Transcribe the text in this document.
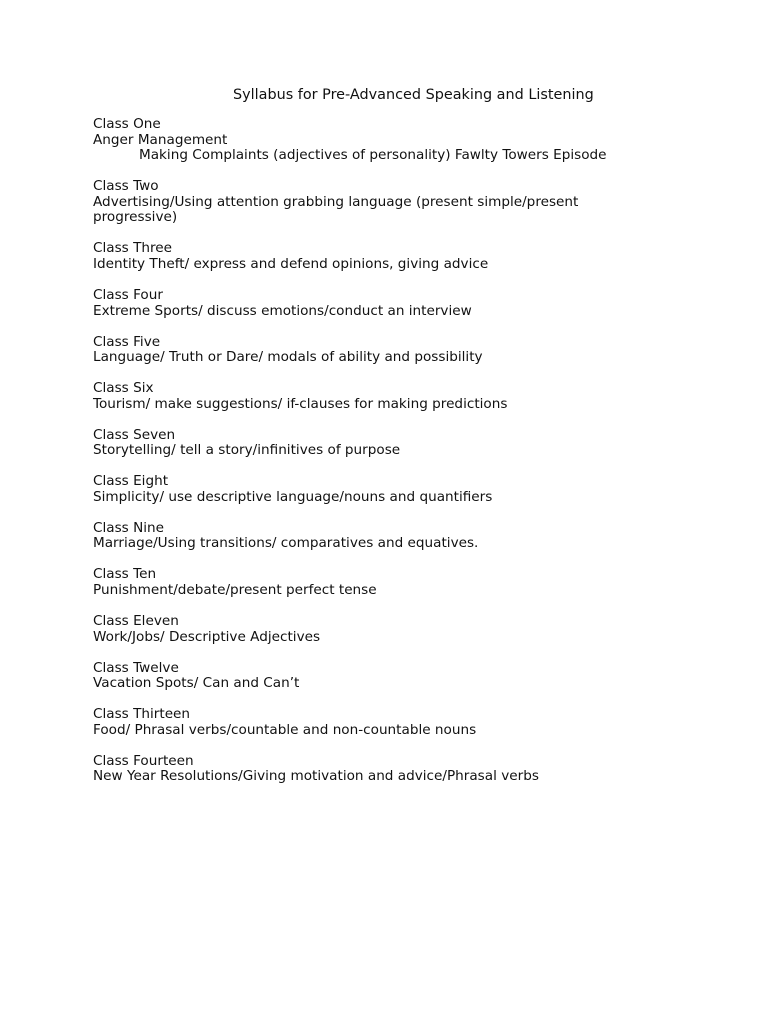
Syllabus for Pre-Advanced Speaking and Listening
Class One
Anger Management
Making Complaints (adjectives of personality) Fawlty Towers Episode
Class Two
Advertising/Using attention grabbing language (present simple/present progressive)
Class Three
Identity Theft/ express and defend opinions, giving advice
Class Four
Extreme Sports/ discuss emotions/conduct an interview
Class Five
Language/ Truth or Dare/ modals of ability and possibility
Class Six
Tourism/ make suggestions/ if-clauses for making predictions
Class Seven
Storytelling/ tell a story/infinitives of purpose
Class Eight
Simplicity/ use descriptive language/nouns and quantifiers
Class Nine
Marriage/Using transitions/ comparatives and equatives.
Class Ten
Punishment/debate/present perfect tense
Class Eleven
Work/Jobs/ Descriptive Adjectives
Class Twelve
Vacation Spots/ Can and Can’t
Class Thirteen
Food/ Phrasal verbs/countable and non-countable nouns
Class Fourteen
New Year Resolutions/Giving motivation and advice/Phrasal verbs
